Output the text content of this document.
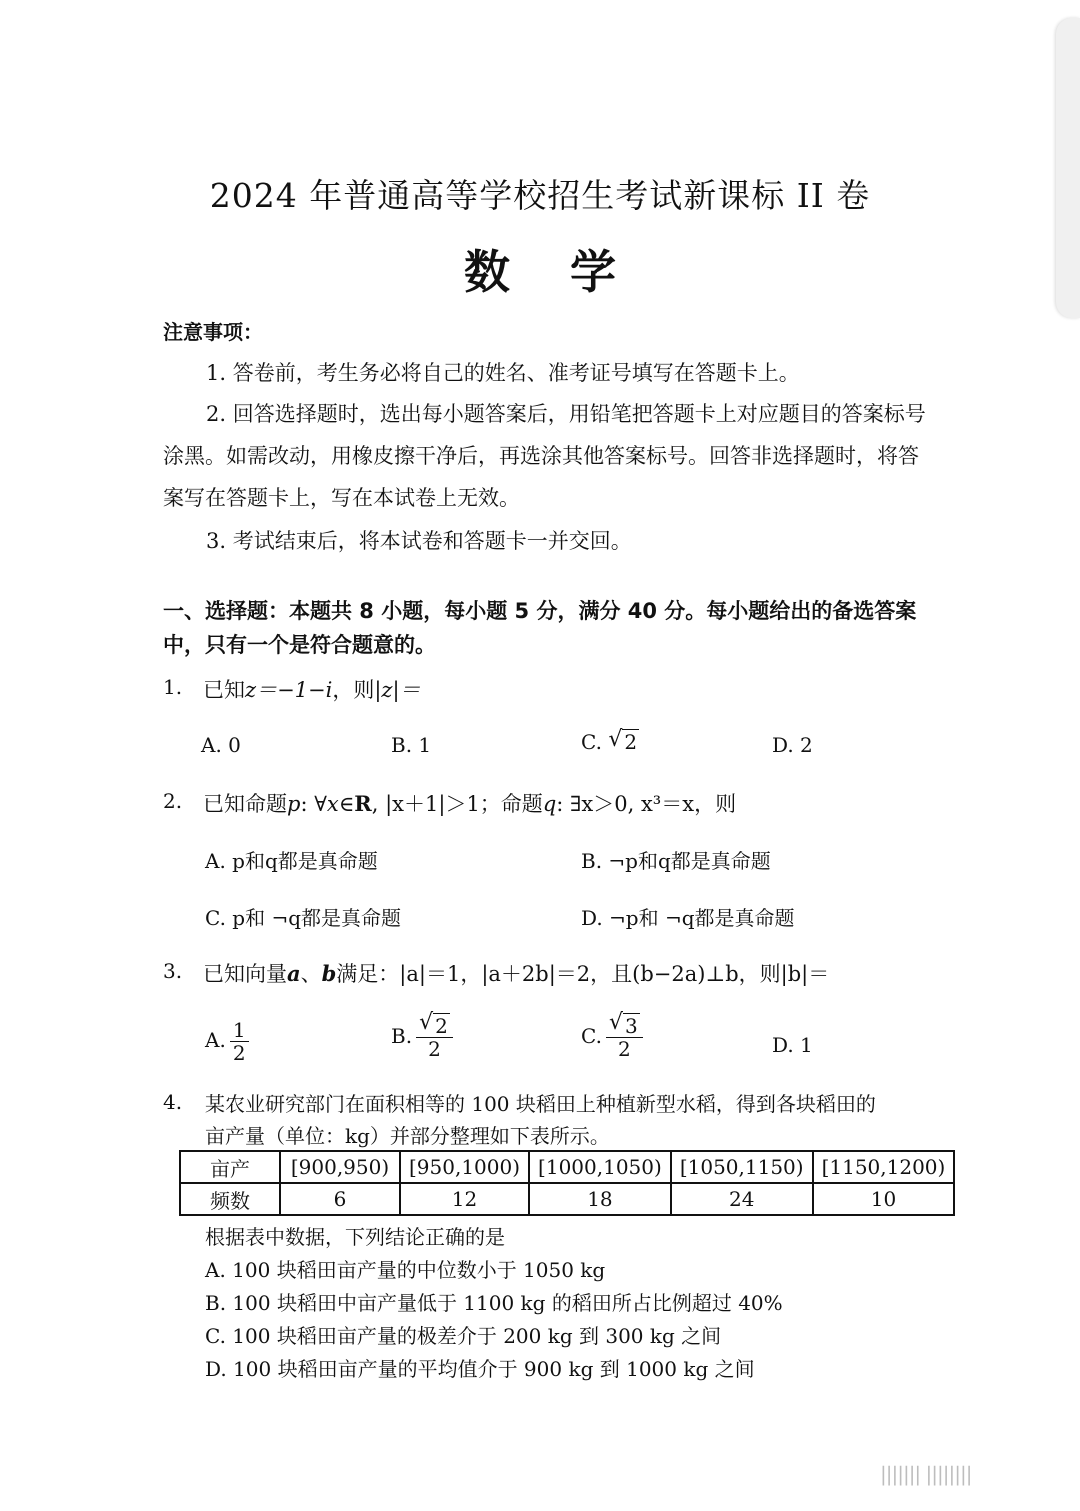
2024 年普通高等学校招生考试新课标 II 卷
数学
注意事项：
1. 答卷前，考生务必将自己的姓名、准考证号填写在答题卡上。
2. 回答选择题时，选出每小题答案后，用铅笔把答题卡上对应题目的答案标号涂黑。如需改动，用橡皮擦干净后，再选涂其他答案标号。回答非选择题时，将答案写在答题卡上，写在本试卷上无效。
3. 考试结束后，将本试卷和答题卡一并交回。
一、选择题：本题共 8 小题，每小题 5 分，满分 40 分。每小题给出的备选答案中，只有一个是符合题意的。
1. 已知z＝−1−i，则|z|＝
A. 0	B. 1	C. √ 2	D. 2
2. 已知命题p: ∀x∈R, |x＋1|＞1；命题q: ∃x＞0, x³＝x，则
A. p和q都是真命题	B. ¬p和q都是真命题
C. p和 ¬q都是真命题	D. ¬p和 ¬q都是真命题
3. 已知向量a、b满足：|a|＝1，|a＋2b|＝2，且(b−2a)⊥b，则|b|＝
A. $\frac{1}{2}$	B. $\frac{√ 2}{2}$	C. $\frac{√ 3}{2}$	D. 1
4. 某农业研究部门在面积相等的 100 块稻田上种植新型水稻，得到各块稻田的
亩产量（单位：kg）并部分整理如下表所示。
亩产	[900,950)	[950,1000)	[1000,1050)	[1050,1150)	[1150,1200)
频数	6	12	18	24	10
根据表中数据，下列结论正确的是
A. 100 块稻田亩产量的中位数小于 1050 kg
B. 100 块稻田中亩产量低于 1100 kg 的稻田所占比例超过 40%
C. 100 块稻田亩产量的极差介于 200 kg 到 300 kg 之间
D. 100 块稻田亩产量的平均值介于 900 kg 到 1000 kg 之间
||||||| ||||||||
